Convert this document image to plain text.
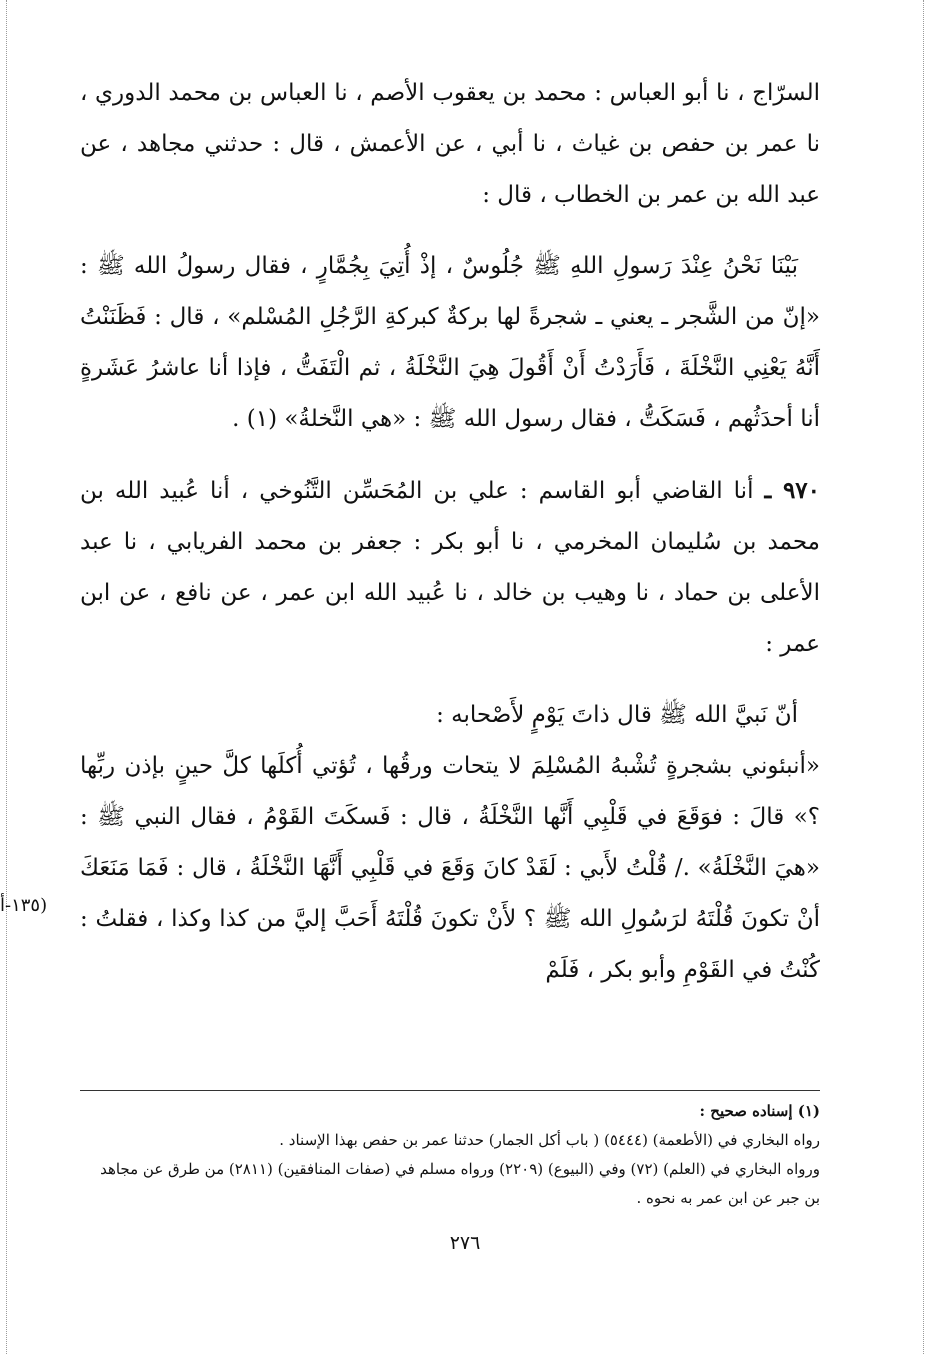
السرّاج ، نا أبو العباس : محمد بن يعقوب الأصم ، نا العباس بن محمد الدوري ، نا عمر بن حفص بن غياث ، نا أبي ، عن الأعمش ، قال : حدثني مجاهد ، عن عبد الله بن عمر بن الخطاب ، قال :

بَيْنَا نَحْنُ عِنْدَ رَسولِ اللهِ ﷺ جُلُوسٌ ، إذْ أُتِيَ بِجُمَّارٍ ، فقال رسولُ الله ﷺ : «إنّ من الشَّجر ـ يعني ـ شجرةً لها بركةٌ كبركةِ الرَّجُلِ المُسْلم» ، قال : فَظَنَنْتُ أَنَّهُ يَعْنِي النَّخْلَةَ ، فَأَرَدْتُ أَنْ أَقُولَ هِيَ النَّخْلَةُ ، ثم الْتَفَتُّ ، فإذا أنا عاشرُ عَشَرةٍ أنا أحدَثُهم ، فَسَكَتُّ ، فقال رسول الله ﷺ : «هي النَّخلةُ» (١) .

٩٧٠ ـ أنا القاضي أبو القاسم : علي بن المُحَسِّن التَّنُوخي ، أنا عُبيد الله بن محمد بن سُليمان المخرمي ، نا أبو بكر : جعفر بن محمد الفريابي ، نا عبد الأعلى بن حماد ، نا وهيب بن خالد ، نا عُبيد الله ابن عمر ، عن نافع ، عن ابن عمر :

أنّ نَبيَّ الله ﷺ قال ذاتَ يَوْمٍ لأَصْحابه :

«أنبئوني بشجرةٍ تُشْبهُ المُسْلِمَ لا يتحات ورقُها ، تُؤتي أُكلَها كلَّ حينٍ بإذن ربِّها ؟» قالَ : فوَقَعَ في قَلْبِي أَنَّها النَّخْلَةُ ، قال : فَسكَتَ القَوْمُ ، فقال النبي ﷺ : «هيَ النَّخْلَةُ» ./ قُلْتُ لأَبي : لَقَدْ كانَ وَقَعَ في قَلْبِي أَنَّهَا النَّخْلَةُ ، قال : فَمَا مَنَعَكَ أنْ تكونَ قُلْتَهُ لرَسُولِ الله ﷺ ؟ لأَنْ تكونَ قُلْتَهُ أَحَبَّ إليَّ من كذا وكذا ، فقلتُ : كُنْتُ في القَوْمِ وأبو بكر ، فَلَمْ

(١٣٥-أ

(١) إسناده صحيح :

رواه البخاري في (الأطعمة) (٥٤٤٤) ( باب أكل الجمار) حدثنا عمر بن حفص بهذا الإسناد .

ورواه البخاري في (العلم) (٧٢) وفي (البيوع) (٢٢٠٩) ورواه مسلم في (صفات المنافقين) (٢٨١١) من طرق عن مجاهد بن جبر عن ابن عمر به نحوه .

٢٧٦
